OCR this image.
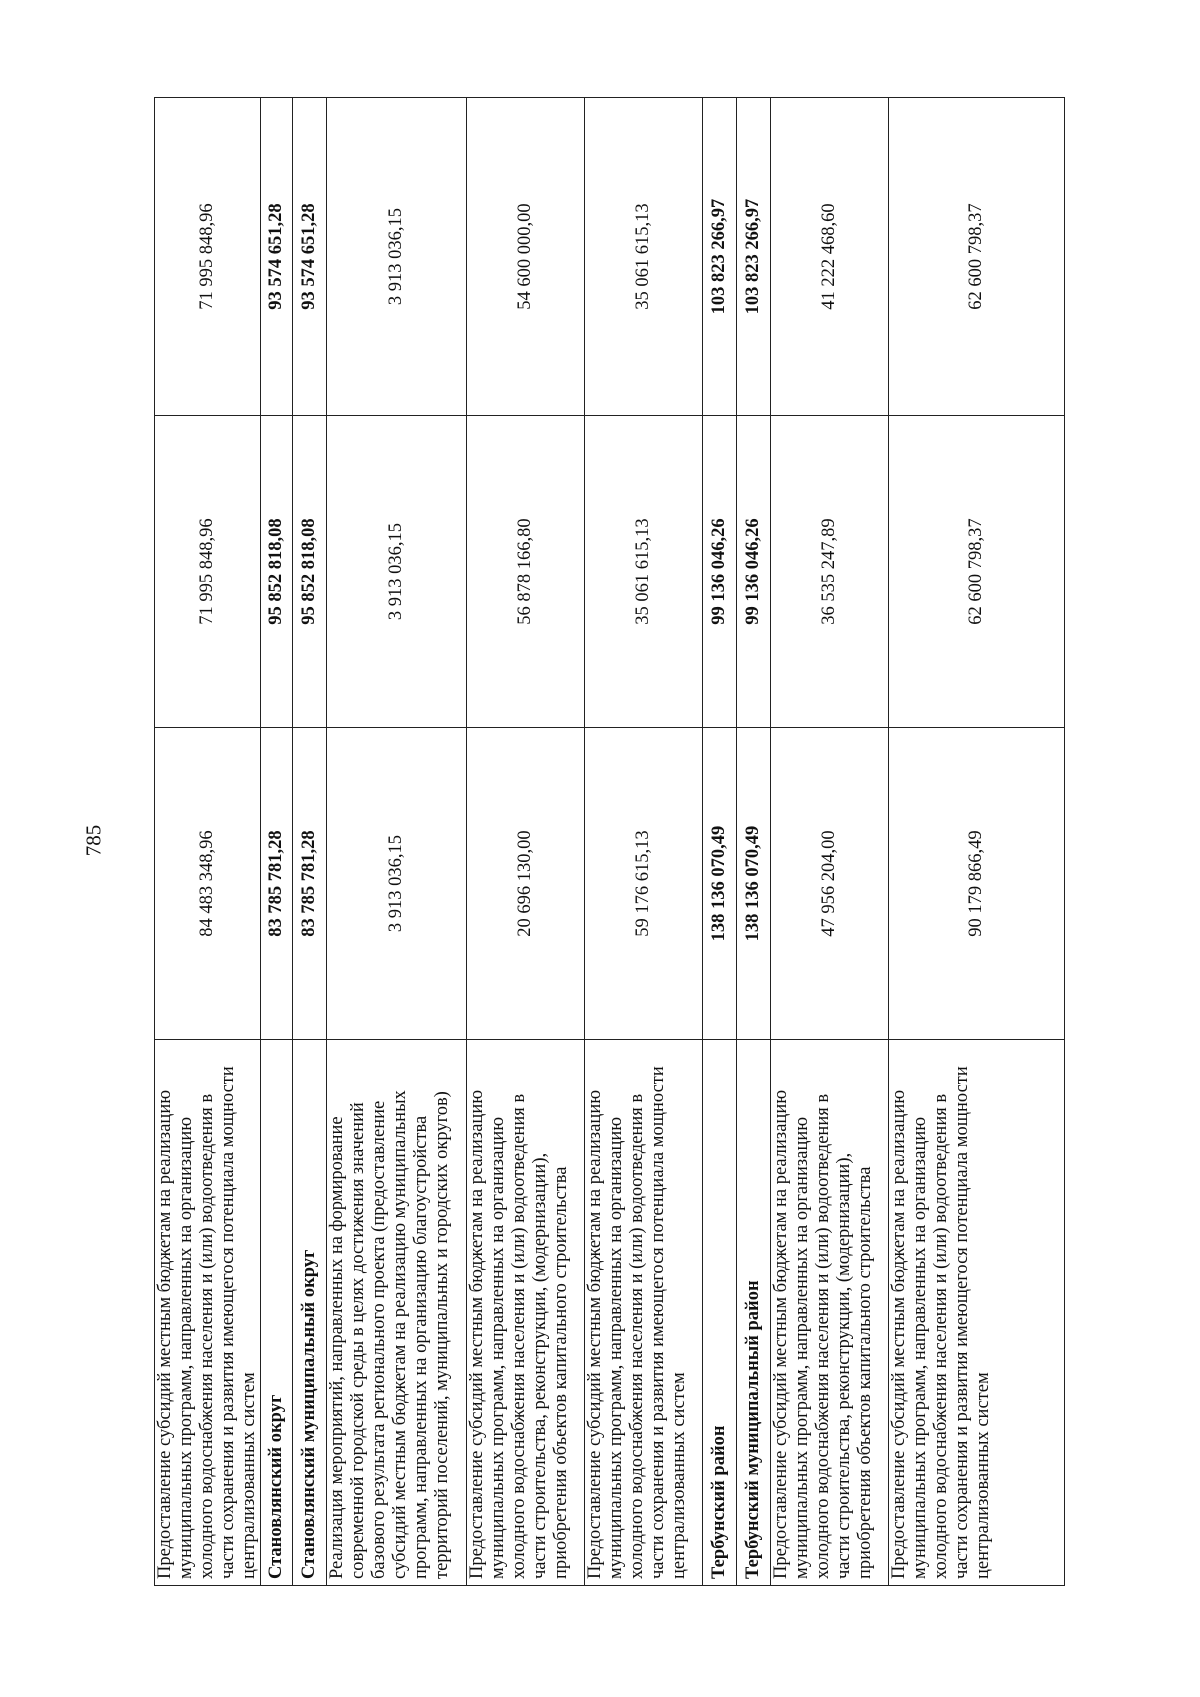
785
Предоставление субсидий местным бюджетам на реализацию муниципальных программ, направленных на организацию холодного водоснабжения населения и (или) водоотведения в части сохранения и развития имеющегося потенциала мощности централизованных систем	84 483 348,96	71 995 848,96	71 995 848,96
Становлянский округ	83 785 781,28	95 852 818,08	93 574 651,28
Становлянский муниципальный округ	83 785 781,28	95 852 818,08	93 574 651,28
Реализация мероприятий, направленных на формирование современной городской среды в целях достижения значений базового результата регионального проекта (предоставление субсидий местным бюджетам на реализацию муниципальных программ, направленных на организацию благоустройства территорий поселений, муниципальных и городских округов)	3 913 036,15	3 913 036,15	3 913 036,15
Предоставление субсидий местным бюджетам на реализацию муниципальных программ, направленных на организацию холодного водоснабжения населения и (или) водоотведения в части строительства, реконструкции, (модернизации), приобретения объектов капитального строительства	20 696 130,00	56 878 166,80	54 600 000,00
Предоставление субсидий местным бюджетам на реализацию муниципальных программ, направленных на организацию холодного водоснабжения населения и (или) водоотведения в части сохранения и развития имеющегося потенциала мощности централизованных систем	59 176 615,13	35 061 615,13	35 061 615,13
Тербунский район	138 136 070,49	99 136 046,26	103 823 266,97
Тербунский муниципальный район	138 136 070,49	99 136 046,26	103 823 266,97
Предоставление субсидий местным бюджетам на реализацию муниципальных программ, направленных на организацию холодного водоснабжения населения и (или) водоотведения в части строительства, реконструкции, (модернизации), приобретения объектов капитального строительства	47 956 204,00	36 535 247,89	41 222 468,60
Предоставление субсидий местным бюджетам на реализацию муниципальных программ, направленных на организацию холодного водоснабжения населения и (или) водоотведения в части сохранения и развития имеющегося потенциала мощности централизованных систем	90 179 866,49	62 600 798,37	62 600 798,37
